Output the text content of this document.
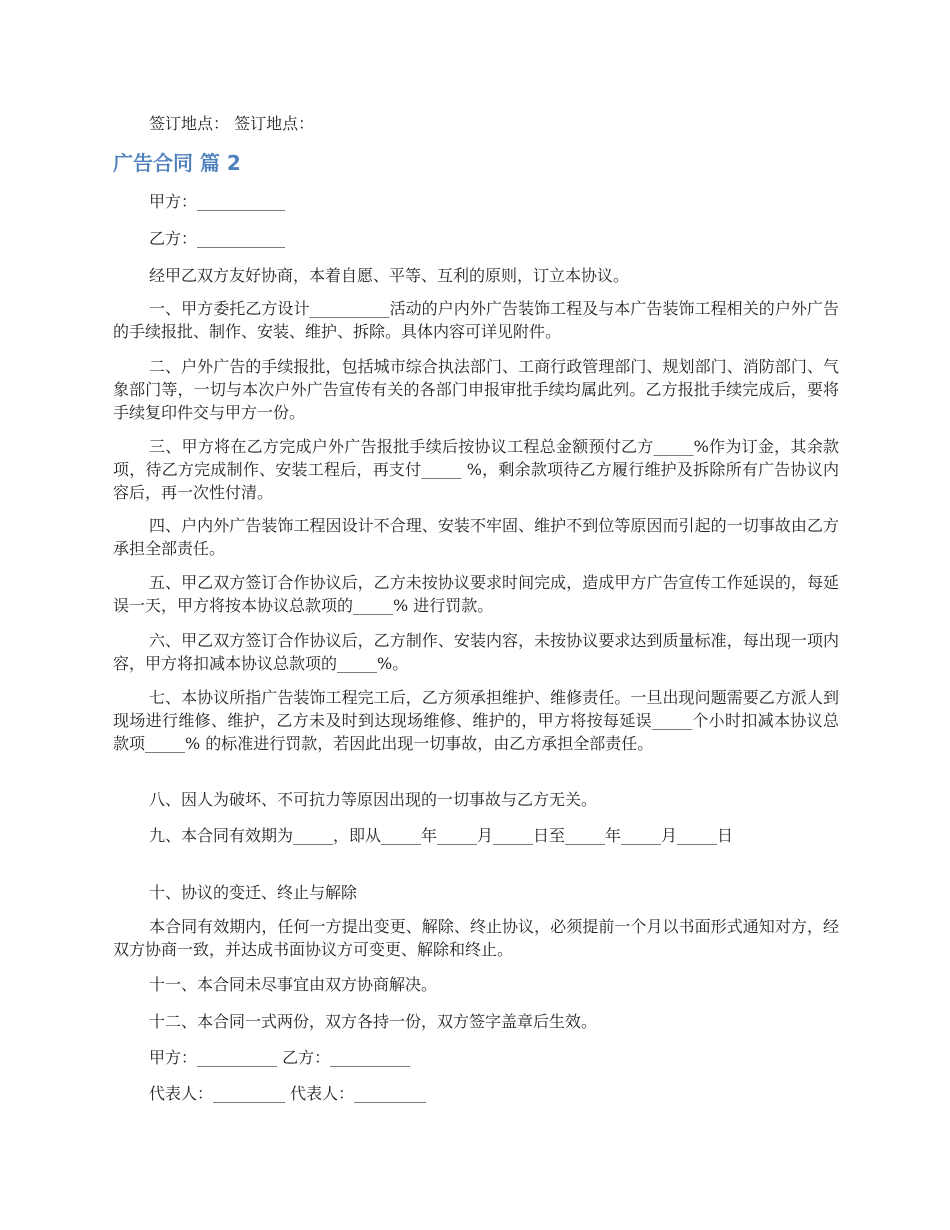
签订地点： 签订地点：

广告合同 篇 2

甲方：___________

乙方：___________

经甲乙双方友好协商，本着自愿、平等、互利的原则，订立本协议。

一、甲方委托乙方设计__________活动的户内外广告装饰工程及与本广告装饰工程相关的户外广告的手续报批、制作、安装、维护、拆除。具体内容可详见附件。

二、户外广告的手续报批，包括城市综合执法部门、工商行政管理部门、规划部门、消防部门、气象部门等，一切与本次户外广告宣传有关的各部门申报审批手续均属此列。乙方报批手续完成后，要将手续复印件交与甲方一份。

三、甲方将在乙方完成户外广告报批手续后按协议工程总金额预付乙方_____%作为订金，其余款项，待乙方完成制作、安装工程后，再支付_____ %，剩余款项待乙方履行维护及拆除所有广告协议内容后，再一次性付清。

四、户内外广告装饰工程因设计不合理、安装不牢固、维护不到位等原因而引起的一切事故由乙方承担全部责任。

五、甲乙双方签订合作协议后，乙方未按协议要求时间完成，造成甲方广告宣传工作延误的，每延误一天，甲方将按本协议总款项的_____% 进行罚款。

六、甲乙双方签订合作协议后，乙方制作、安装内容，未按协议要求达到质量标准，每出现一项内容，甲方将扣减本协议总款项的_____%。

七、本协议所指广告装饰工程完工后，乙方须承担维护、维修责任。一旦出现问题需要乙方派人到现场进行维修、维护，乙方未及时到达现场维修、维护的，甲方将按每延误_____个小时扣减本协议总款项_____% 的标准进行罚款，若因此出现一切事故，由乙方承担全部责任。

八、因人为破坏、不可抗力等原因出现的一切事故与乙方无关。

九、本合同有效期为_____，即从_____年_____月_____日至_____年_____月_____日

十、协议的变迁、终止与解除

本合同有效期内，任何一方提出变更、解除、终止协议，必须提前一个月以书面形式通知对方，经双方协商一致，并达成书面协议方可变更、解除和终止。

十一、本合同未尽事宜由双方协商解决。

十二、本合同一式两份，双方各持一份，双方签字盖章后生效。

甲方：__________ 乙方：__________

代表人：_________ 代表人：_________
